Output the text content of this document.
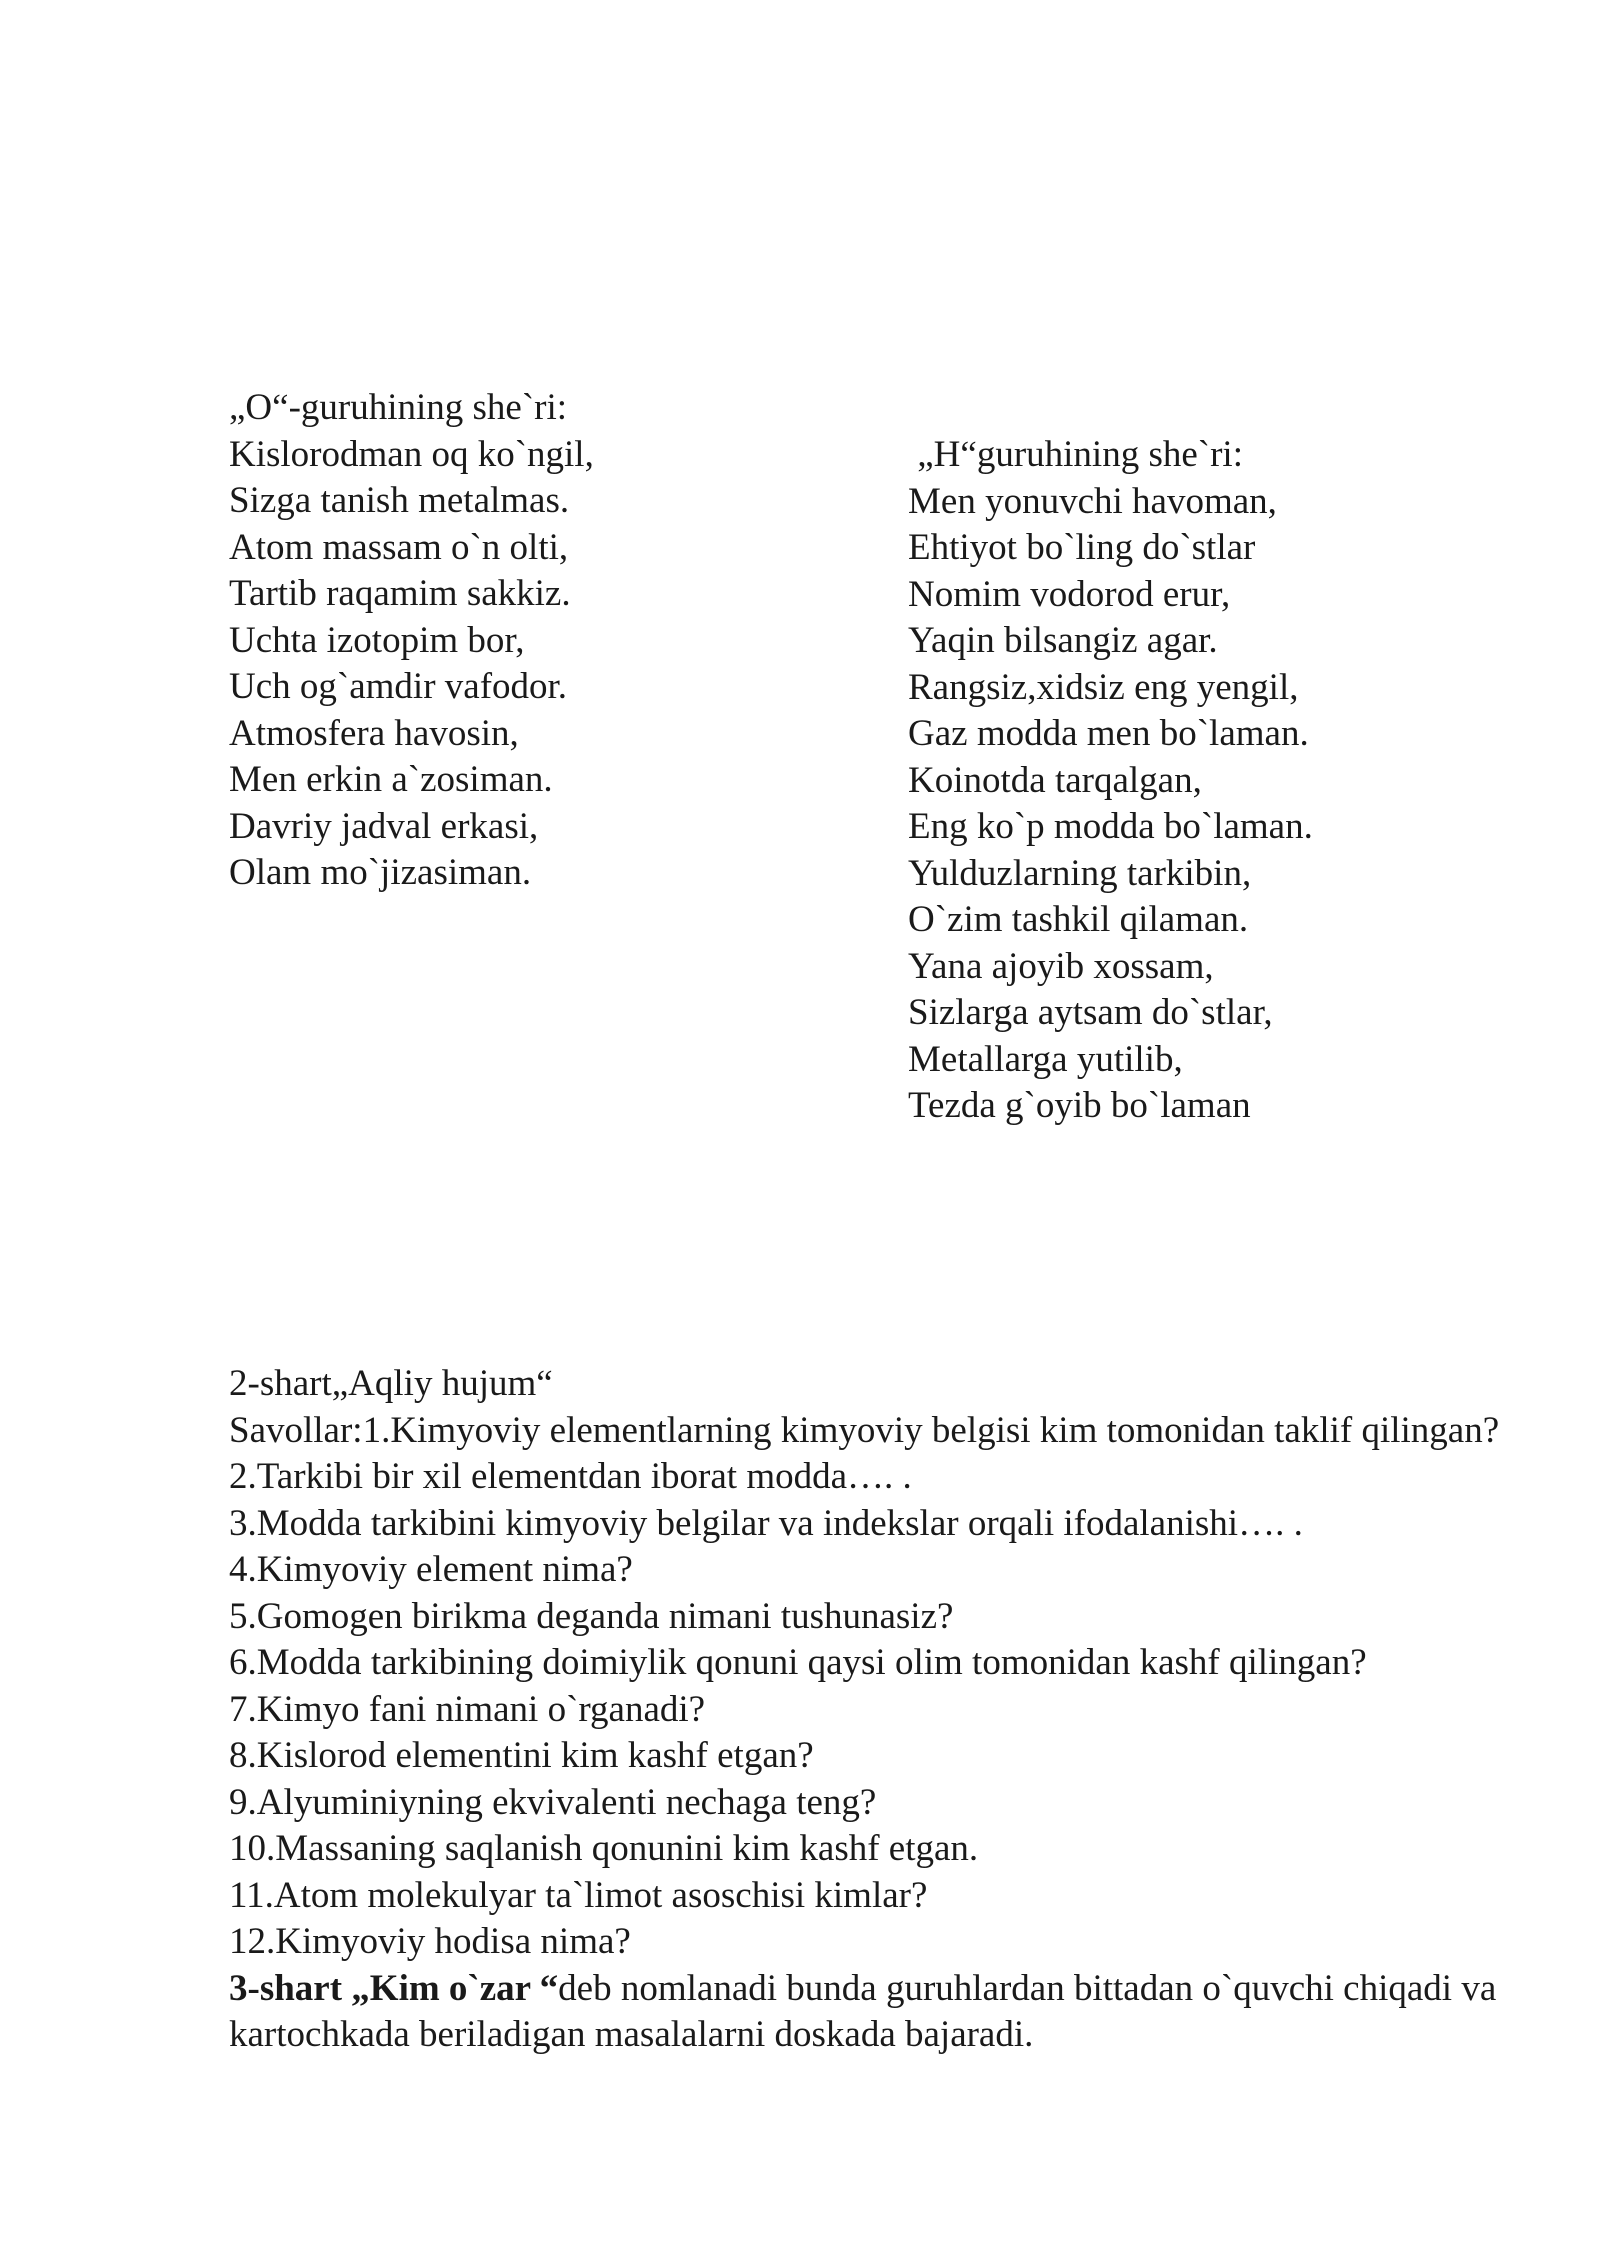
„O“-guruhining she`ri:
Kislorodman oq ko`ngil,
Sizga tanish metalmas.
Atom massam o`n olti,
Tartib raqamim sakkiz.
Uchta izotopim bor,
Uch og`amdir vafodor.
Atmosfera havosin,
Men erkin a`zosiman.
Davriy jadval erkasi,
Olam mo`jizasiman.
„H“guruhining she`ri:
Men yonuvchi havoman,
Ehtiyot bo`ling do`stlar
Nomim vodorod erur,
Yaqin bilsangiz agar.
Rangsiz,xidsiz eng yengil,
Gaz modda men bo`laman.
Koinotda tarqalgan,
Eng ko`p modda bo`laman.
Yulduzlarning tarkibin,
O`zim tashkil qilaman.
Yana ajoyib xossam,
Sizlarga aytsam do`stlar,
Metallarga yutilib,
Tezda g`oyib bo`laman
2-shart„Aqliy hujum“
Savollar:1.Kimyoviy elementlarning kimyoviy belgisi kim tomonidan taklif qilingan?
2.Tarkibi bir xil elementdan iborat modda…. .
3.Modda tarkibini kimyoviy belgilar va indekslar orqali ifodalanishi…. .
4.Kimyoviy element nima?
5.Gomogen birikma deganda nimani tushunasiz?
6.Modda tarkibining doimiylik qonuni qaysi olim tomonidan kashf qilingan?
7.Kimyo fani nimani o`rganadi?
8.Kislorod elementini kim kashf etgan?
9.Alyuminiyning ekvivalenti nechaga teng?
10.Massaning saqlanish qonunini kim kashf etgan.
11.Atom molekulyar ta`limot asoschisi kimlar?
12.Kimyoviy hodisa nima?
3-shart „Kim o`zar “deb nomlanadi bunda guruhlardan bittadan o`quvchi chiqadi va kartochkada beriladigan masalalarni doskada bajaradi.
